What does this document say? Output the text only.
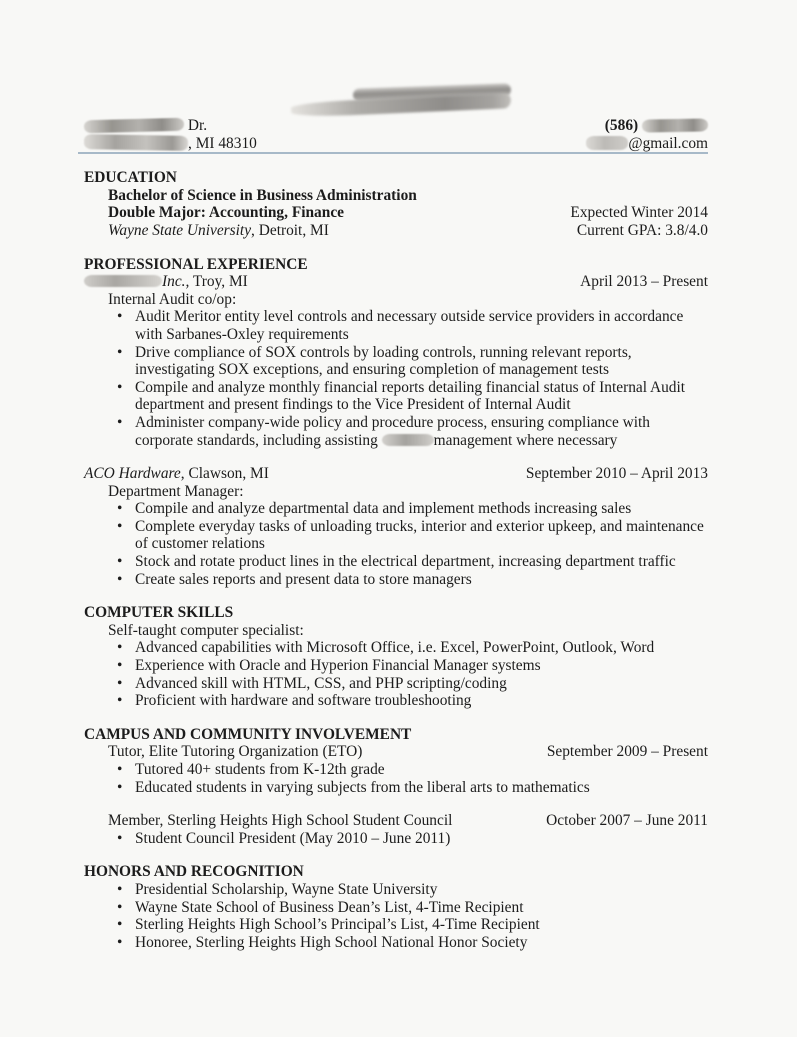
Dr.
, MI 48310
(586)
@gmail.com
EDUCATION
Bachelor of Science in Business Administration
Double Major: Accounting, Finance	Expected Winter 2014
Wayne State University, Detroit, MI	Current GPA: 3.8/4.0
PROFESSIONAL EXPERIENCE
Inc., Troy, MI	April 2013 – Present
Internal Audit co/op:
• Audit Meritor entity level controls and necessary outside service providers in accordance with Sarbanes-Oxley requirements
• Drive compliance of SOX controls by loading controls, running relevant reports, investigating SOX exceptions, and ensuring completion of management tests
• Compile and analyze monthly financial reports detailing financial status of Internal Audit department and present findings to the Vice President of Internal Audit
• Administer company-wide policy and procedure process, ensuring compliance with corporate standards, including assisting	management where necessary
ACO Hardware, Clawson, MI	September 2010 – April 2013
Department Manager:
• Compile and analyze departmental data and implement methods increasing sales
• Complete everyday tasks of unloading trucks, interior and exterior upkeep, and maintenance of customer relations
• Stock and rotate product lines in the electrical department, increasing department traffic
• Create sales reports and present data to store managers
COMPUTER SKILLS
Self-taught computer specialist:
• Advanced capabilities with Microsoft Office, i.e. Excel, PowerPoint, Outlook, Word
• Experience with Oracle and Hyperion Financial Manager systems
• Advanced skill with HTML, CSS, and PHP scripting/coding
• Proficient with hardware and software troubleshooting
CAMPUS AND COMMUNITY INVOLVEMENT
Tutor, Elite Tutoring Organization (ETO)	September 2009 – Present
• Tutored 40+ students from K-12th grade
• Educated students in varying subjects from the liberal arts to mathematics
Member, Sterling Heights High School Student Council	October 2007 – June 2011
• Student Council President (May 2010 – June 2011)
HONORS AND RECOGNITION
• Presidential Scholarship, Wayne State University
• Wayne State School of Business Dean’s List, 4-Time Recipient
• Sterling Heights High School’s Principal’s List, 4-Time Recipient
• Honoree, Sterling Heights High School National Honor Society
